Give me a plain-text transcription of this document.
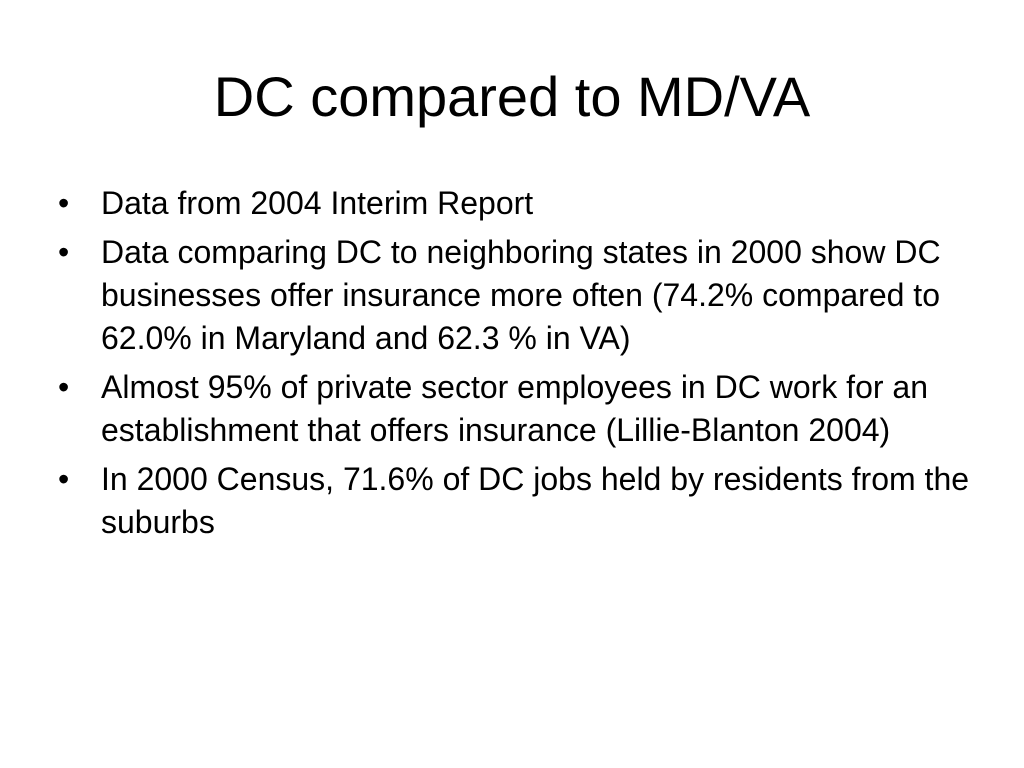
DC compared to MD/VA
• Data from 2004 Interim Report
• Data comparing DC to neighboring states in 2000 show DC businesses offer insurance more often (74.2% compared to 62.0% in Maryland and 62.3 % in VA)
• Almost 95% of private sector employees in DC work for an establishment that offers insurance (Lillie-Blanton 2004)
• In 2000 Census, 71.6% of DC jobs held by residents from the suburbs
